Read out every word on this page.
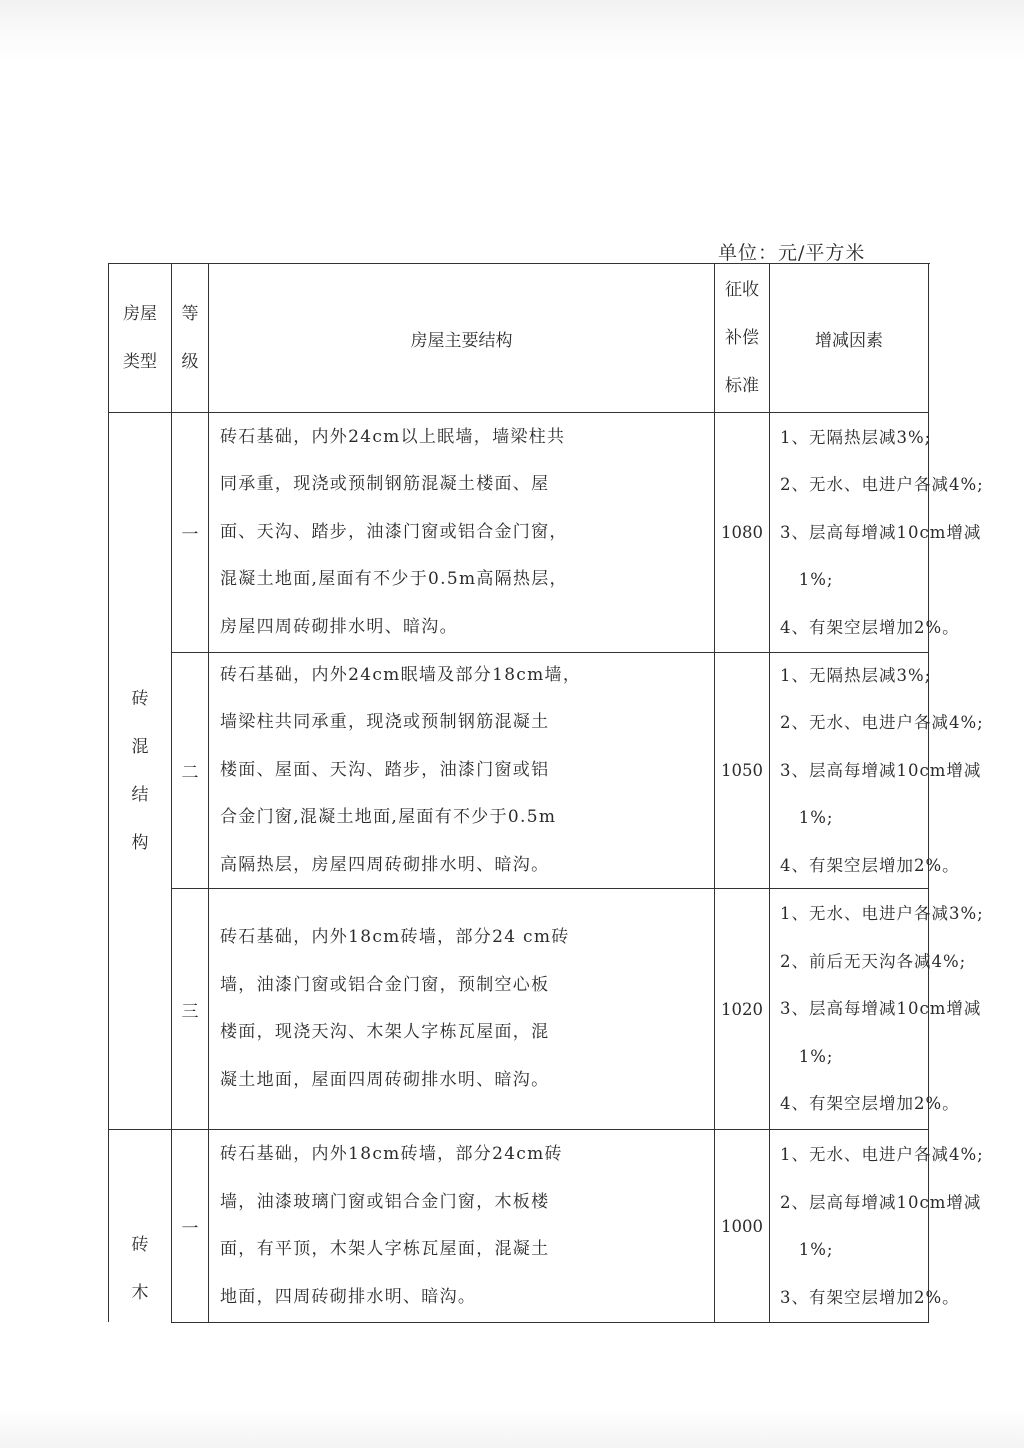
单位：元/平方米
房屋
类型
等
级
房屋主要结构
征收
补偿
标准
增减因素
砖
混
结
构
砖
木
一

砖石基础，内外24cm以上眠墙，墙梁柱共

同承重，现浇或预制钢筋混凝土楼面、屋

面、天沟、踏步，油漆门窗或铝合金门窗，

混凝土地面,屋面有不少于0.5m高隔热层，

房屋四周砖砌排水明、暗沟。

1080
1、无隔热层减3%;
2、无水、电进户各减4%;
3、层高每增减10cm增减
1%;
4、有架空层增加2%。
二

砖石基础，内外24cm眠墙及部分18cm墙，

墙梁柱共同承重，现浇或预制钢筋混凝土

楼面、屋面、天沟、踏步，油漆门窗或铝

合金门窗,混凝土地面,屋面有不少于0.5m

高隔热层，房屋四周砖砌排水明、暗沟。

1050
1、无隔热层减3%;
2、无水、电进户各减4%;
3、层高每增减10cm增减
1%;
4、有架空层增加2%。
三

砖石基础，内外18cm砖墙，部分24 cm砖

墙，油漆门窗或铝合金门窗，预制空心板

楼面，现浇天沟、木架人字栋瓦屋面，混

凝土地面，屋面四周砖砌排水明、暗沟。

1020
1、无水、电进户各减3%;
2、前后无天沟各减4%;
3、层高每增减10cm增减
1%;
4、有架空层增加2%。
一

砖石基础，内外18cm砖墙，部分24cm砖

墙，油漆玻璃门窗或铝合金门窗，木板楼

面，有平顶，木架人字栋瓦屋面，混凝土

地面，四周砖砌排水明、暗沟。

1000
1、无水、电进户各减4%;
2、层高每增减10cm增减
1%;
3、有架空层增加2%。
